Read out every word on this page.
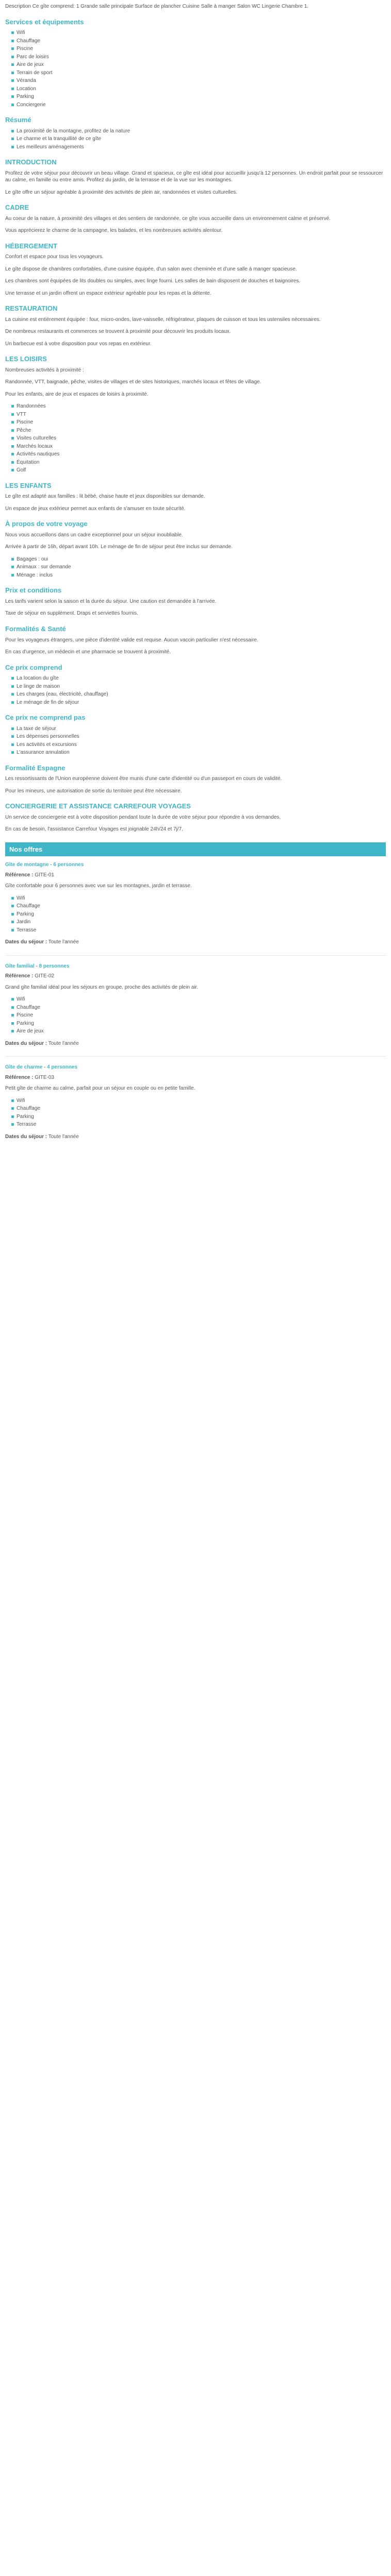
Description Ce gîte comprend: 1 Grande salle principale Surface de plancher Cuisine Salle à manger Salon WC Lingerie Chambre 1.

Services et équipements
Wifi
Chauffage
Piscine
Parc de loisirs
Aire de jeux
Terrain de sport
Véranda
Location
Parking
Conciergerie
Résumé
La proximité de la montagne, profitez de la nature
Le charme et la tranquillité de ce gîte
Les meilleurs aménagements
INTRODUCTION

Profitez de votre séjour pour découvrir un beau village. Grand et spacieux, ce gîte est idéal pour accueillir jusqu'à 12 personnes. Un endroit parfait pour se ressourcer au calme, en famille ou entre amis. Profitez du jardin, de la terrasse et de la vue sur les montagnes.

Le gîte offre un séjour agréable à proximité des activités de plein air, randonnées et visites culturelles.

CADRE

Au coeur de la nature, à proximité des villages et des sentiers de randonnée, ce gîte vous accueille dans un environnement calme et préservé.

Vous apprécierez le charme de la campagne, les balades, et les nombreuses activités alentour.

HÉBERGEMENT

Confort et espace pour tous les voyageurs.

Le gîte dispose de chambres confortables, d'une cuisine équipée, d'un salon avec cheminée et d'une salle à manger spacieuse.

Les chambres sont équipées de lits doubles ou simples, avec linge fourni. Les salles de bain disposent de douches et baignoires.

Une terrasse et un jardin offrent un espace extérieur agréable pour les repas et la détente.

RESTAURATION

La cuisine est entièrement équipée : four, micro-ondes, lave-vaisselle, réfrigérateur, plaques de cuisson et tous les ustensiles nécessaires.

De nombreux restaurants et commerces se trouvent à proximité pour découvrir les produits locaux.

Un barbecue est à votre disposition pour vos repas en extérieur.

LES LOISIRS

Nombreuses activités à proximité :

Randonnée, VTT, baignade, pêche, visites de villages et de sites historiques, marchés locaux et fêtes de village.

Pour les enfants, aire de jeux et espaces de loisirs à proximité.

Randonnées
VTT
Piscine
Pêche
Visites culturelles
Marchés locaux
Activités nautiques
Équitation
Golf
LES ENFANTS

Le gîte est adapté aux familles : lit bébé, chaise haute et jeux disponibles sur demande.

Un espace de jeux extérieur permet aux enfants de s'amuser en toute sécurité.

À propos de votre voyage

Nous vous accueillons dans un cadre exceptionnel pour un séjour inoubliable.

Arrivée à partir de 16h, départ avant 10h. Le ménage de fin de séjour peut être inclus sur demande.

Bagages : oui
Animaux : sur demande
Ménage : inclus
Prix et conditions

Les tarifs varient selon la saison et la durée du séjour. Une caution est demandée à l'arrivée.

Taxe de séjour en supplément. Draps et serviettes fournis.

Formalités & Santé

Pour les voyageurs étrangers, une pièce d'identité valide est requise. Aucun vaccin particulier n'est nécessaire.

En cas d'urgence, un médecin et une pharmacie se trouvent à proximité.

Ce prix comprend
La location du gîte
Le linge de maison
Les charges (eau, électricité, chauffage)
Le ménage de fin de séjour
Ce prix ne comprend pas
La taxe de séjour
Les dépenses personnelles
Les activités et excursions
L'assurance annulation
Formalité Espagne

Les ressortissants de l'Union européenne doivent être munis d'une carte d'identité ou d'un passeport en cours de validité.

Pour les mineurs, une autorisation de sortie du territoire peut être nécessaire.

CONCIERGERIE ET ASSISTANCE CARREFOUR VOYAGES

Un service de conciergerie est à votre disposition pendant toute la durée de votre séjour pour répondre à vos demandes.

En cas de besoin, l'assistance Carrefour Voyages est joignable 24h/24 et 7j/7.

Nos offres
Gîte de montagne - 6 personnes
Référence : GITE-01

Gîte confortable pour 6 personnes avec vue sur les montagnes, jardin et terrasse.

Wifi
Chauffage
Parking
Jardin
Terrasse
Dates du séjour : Toute l'année
Gîte familial - 8 personnes
Référence : GITE-02

Grand gîte familial idéal pour les séjours en groupe, proche des activités de plein air.

Wifi
Chauffage
Piscine
Parking
Aire de jeux
Dates du séjour : Toute l'année
Gîte de charme - 4 personnes
Référence : GITE-03

Petit gîte de charme au calme, parfait pour un séjour en couple ou en petite famille.

Wifi
Chauffage
Parking
Terrasse
Dates du séjour : Toute l'année
